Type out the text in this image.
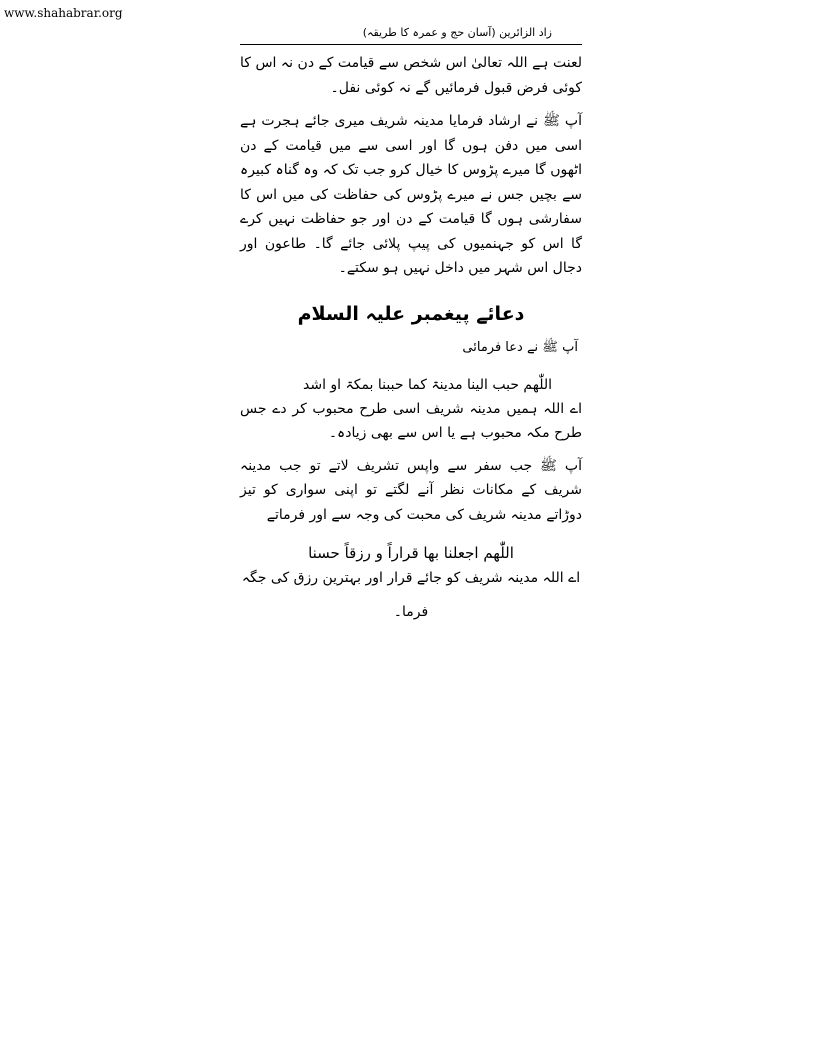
www.shahabrar.org
زاد الزائرین (آسان حج و عمرہ کا طریقہ)

لعنت ہے اللہ تعالیٰ اس شخص سے قیامت کے دن نہ اس کا کوئی فرض قبول فرمائیں گے نہ کوئی نفل۔

آپ ﷺ نے ارشاد فرمایا مدینہ شریف میری جائے ہجرت ہے اسی میں دفن ہوں گا اور اسی سے میں قیامت کے دن اٹھوں گا میرے پڑوس کا خیال کرو جب تک کہ وہ گناہ کبیرہ سے بچیں جس نے میرے پڑوس کی حفاظت کی میں اس کا سفارشی ہوں گا قیامت کے دن اور جو حفاظت نہیں کرے گا اس کو جہنمیوں کی پیپ پلائی جائے گا۔ طاعون اور دجال اس شہر میں داخل نہیں ہو سکتے۔

دعائے پیغمبر علیہ السلام

آپ ﷺ نے دعا فرمائی

اللّٰھم حبب الینا مدینۃ کما حببنا بمکۃ او اشد

اے اللہ ہمیں مدینہ شریف اسی طرح محبوب کر دے جس طرح مکہ محبوب ہے یا اس سے بھی زیادہ۔

آپ ﷺ جب سفر سے واپس تشریف لاتے تو جب مدینہ شریف کے مکانات نظر آنے لگتے تو اپنی سواری کو تیز دوڑاتے مدینہ شریف کی محبت کی وجہ سے اور فرماتے

اللّٰھم اجعلنا بھا قراراً و رزقاً حسنا

اے اللہ مدینہ شریف کو جائے قرار اور بہترین رزق کی جگہ

فرما۔
